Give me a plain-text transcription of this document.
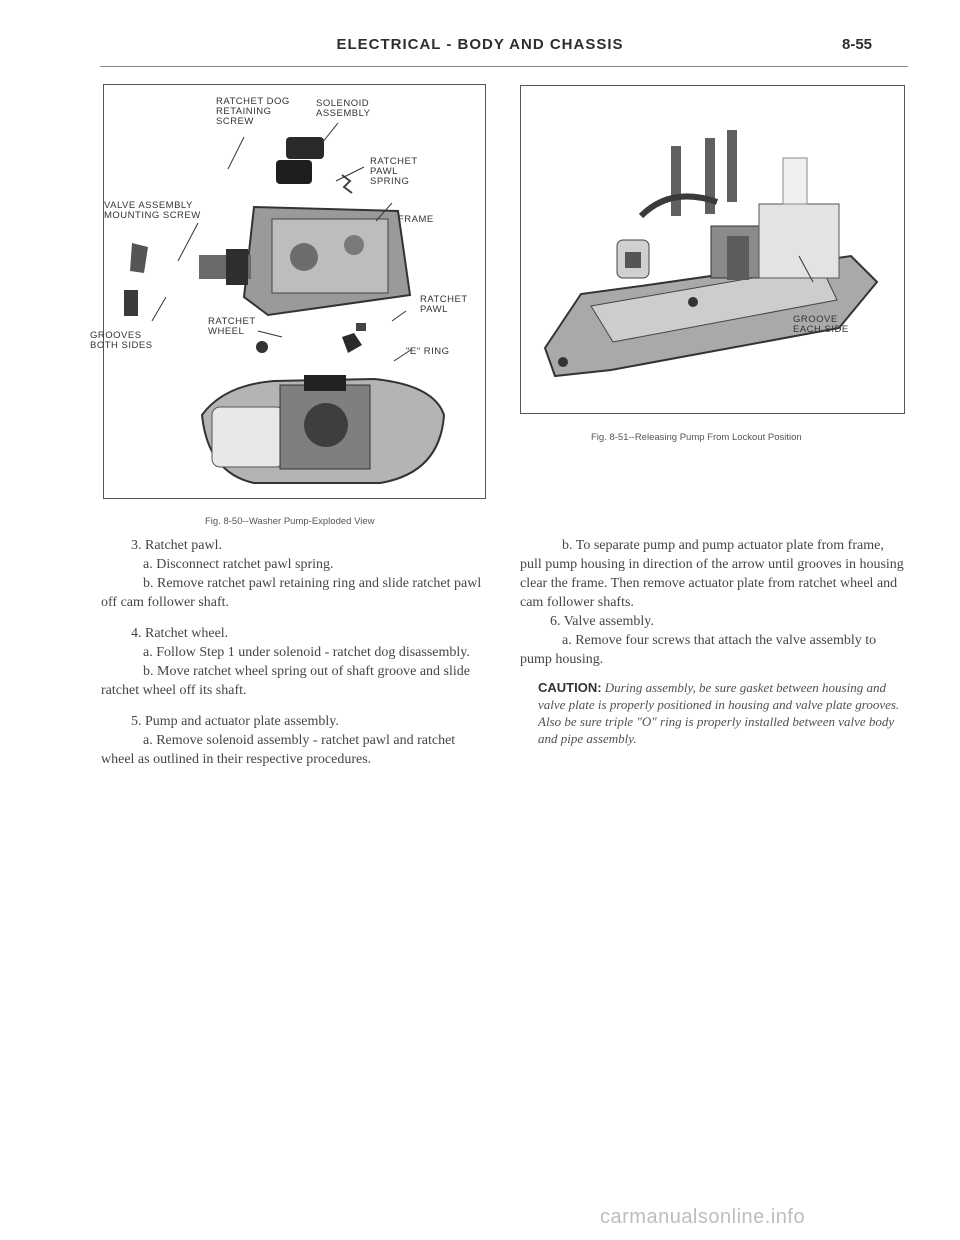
ELECTRICAL - BODY AND CHASSIS	8-55
RATCHET DOG
RETAINING
SCREW
SOLENOID
ASSEMBLY
RATCHET
PAWL
SPRING
VALVE ASSEMBLY
MOUNTING SCREW	FRAME
RATCHET
PAWL
RATCHET
WHEEL
GROOVES
BOTH SIDES
"E" RING
Fig. 8-50--Washer Pump-Exploded View
GROOVE
EACH SIDE
Fig. 8-51--Releasing Pump From Lockout Position

3. Ratchet pawl.

a. Disconnect ratchet pawl spring.

b. Remove ratchet pawl retaining ring and slide ratchet pawl off cam follower shaft.

4. Ratchet wheel.

a. Follow Step 1 under solenoid - ratchet dog disassembly.

b. Move ratchet wheel spring out of shaft groove and slide ratchet wheel off its shaft.

5. Pump and actuator plate assembly.

a. Remove solenoid assembly - ratchet pawl and ratchet wheel as outlined in their respective procedures.

b. To separate pump and pump actuator plate from frame, pull pump housing in direction of the arrow until grooves in housing clear the frame. Then remove actuator plate from ratchet wheel and cam follower shafts.

6. Valve assembly.

a. Remove four screws that attach the valve assembly to pump housing.

CAUTION: During assembly, be sure gasket between housing and valve plate is properly positioned in housing and valve plate grooves. Also be sure triple "O" ring is properly installed between valve body and pipe assembly.

carmanualsonline.info
